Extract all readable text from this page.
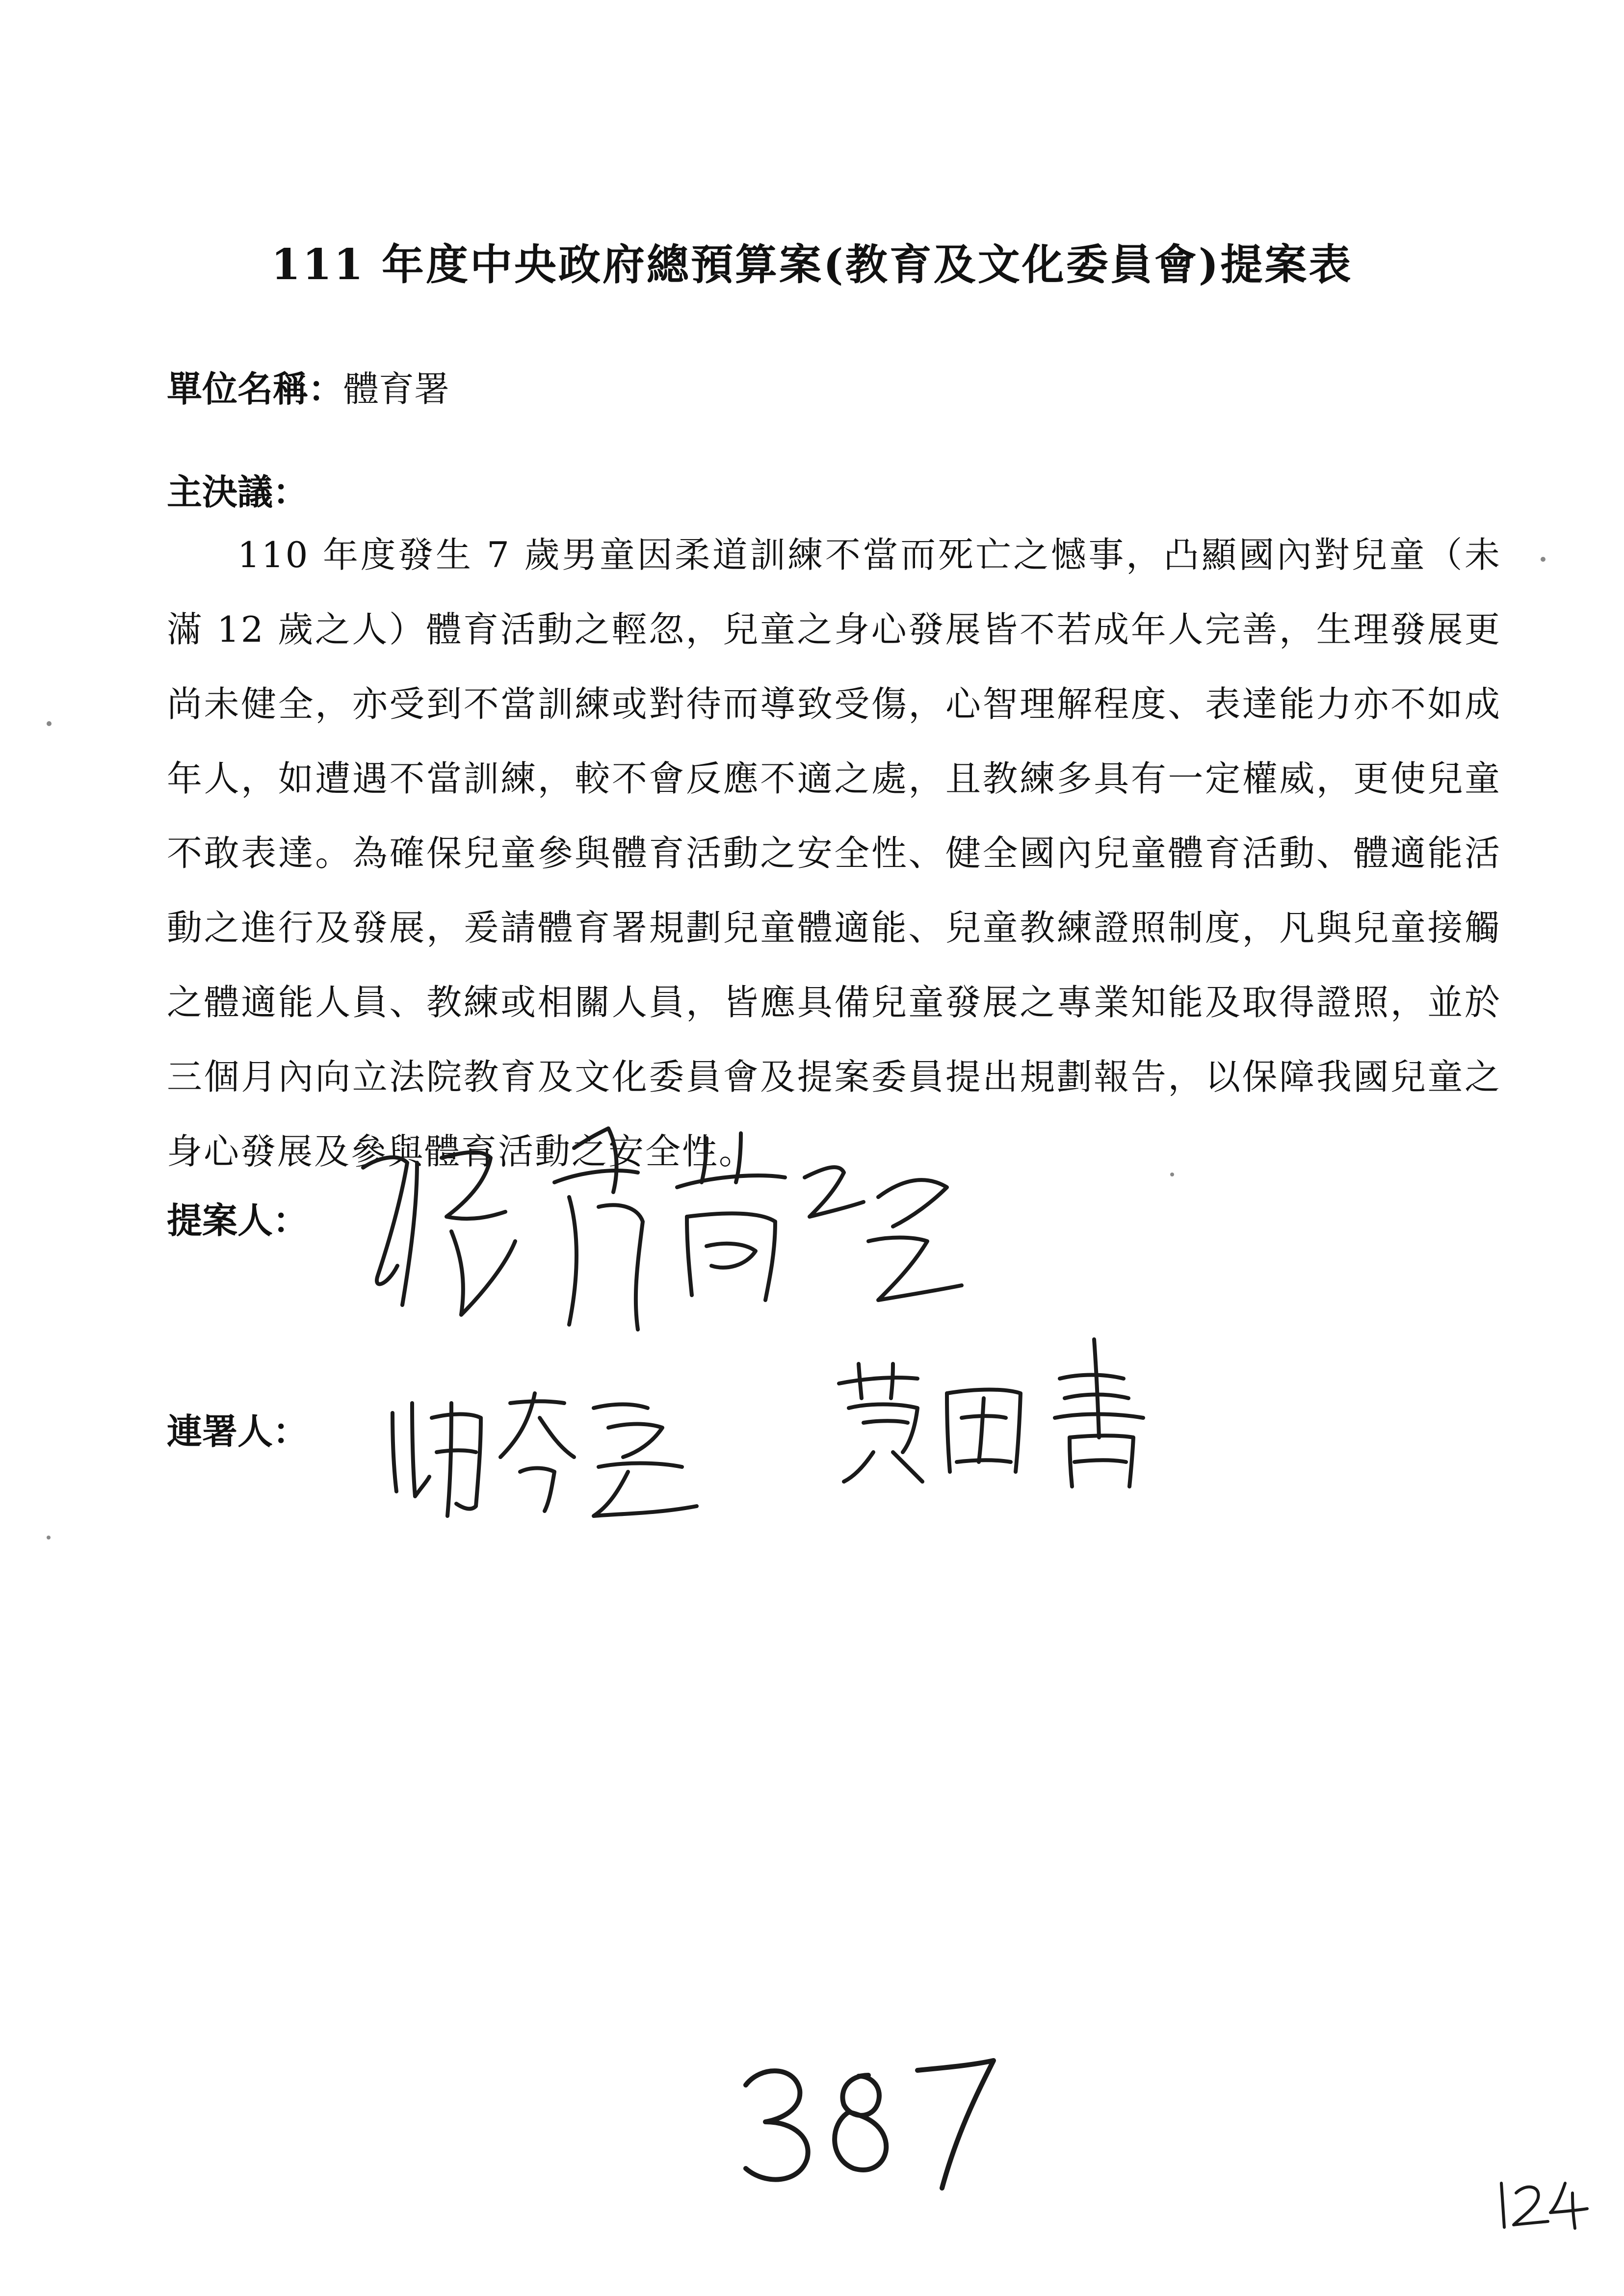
111 年度中央政府總預算案(教育及文化委員會)提案表
單位名稱：體育署
主決議：
110 年度發生 7 歲男童因柔道訓練不當而死亡之憾事，凸顯國內對兒童（未滿 12 歲之人）體育活動之輕忽，兒童之身心發展皆不若成年人完善，生理發展更尚未健全，亦受到不當訓練或對待而導致受傷，心智理解程度、表達能力亦不如成年人，如遭遇不當訓練，較不會反應不適之處，且教練多具有一定權威，更使兒童不敢表達。為確保兒童參與體育活動之安全性、健全國內兒童體育活動、體適能活動之進行及發展，爰請體育署規劃兒童體適能、兒童教練證照制度，凡與兒童接觸之體適能人員、教練或相關人員，皆應具備兒童發展之專業知能及取得證照，並於三個月內向立法院教育及文化委員會及提案委員提出規劃報告，以保障我國兒童之身心發展及參與體育活動之安全性。
提案人：
連署人：
